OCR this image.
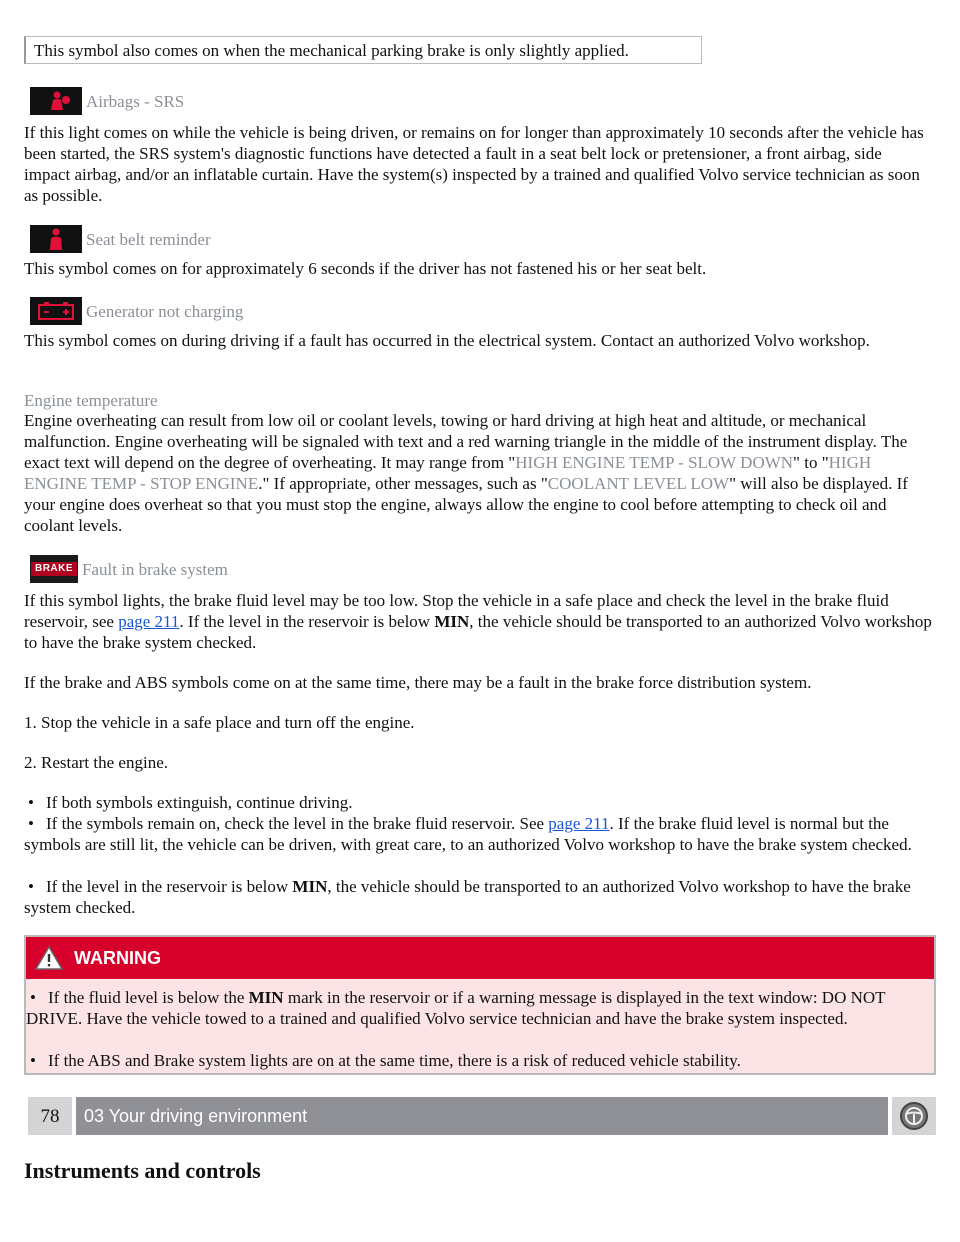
This symbol also comes on when the mechanical parking brake is only slightly applied.
Airbags - SRS
If this light comes on while the vehicle is being driven, or remains on for longer than approximately 10 seconds after the vehicle has been started, the SRS system's diagnostic functions have detected a fault in a seat belt lock or pretensioner, a front airbag, side impact airbag, and/or an inflatable curtain. Have the system(s) inspected by a trained and qualified Volvo service technician as soon as possible.
Seat belt reminder
This symbol comes on for approximately 6 seconds if the driver has not fastened his or her seat belt.
Generator not charging
This symbol comes on during driving if a fault has occurred in the electrical system. Contact an authorized Volvo workshop.
Engine temperature
Engine overheating can result from low oil or coolant levels, towing or hard driving at high heat and altitude, or mechanical malfunction. Engine overheating will be signaled with text and a red warning triangle in the middle of the instrument display. The exact text will depend on the degree of overheating. It may range from "HIGH ENGINE TEMP - SLOW DOWN" to "HIGH ENGINE TEMP - STOP ENGINE." If appropriate, other messages, such as "COOLANT LEVEL LOW" will also be displayed. If your engine does overheat so that you must stop the engine, always allow the engine to cool before attempting to check oil and coolant levels.
BRAKE Fault in brake system
If this symbol lights, the brake fluid level may be too low. Stop the vehicle in a safe place and check the level in the brake fluid reservoir, see page 211. If the level in the reservoir is below MIN, the vehicle should be transported to an authorized Volvo workshop to have the brake system checked.
If the brake and ABS symbols come on at the same time, there may be a fault in the brake force distribution system.
1. Stop the vehicle in a safe place and turn off the engine.
2. Restart the engine.
• If both symbols extinguish, continue driving.
• If the symbols remain on, check the level in the brake fluid reservoir. See page 211. If the brake fluid level is normal but the symbols are still lit, the vehicle can be driven, with great care, to an authorized Volvo workshop to have the brake system checked.
• If the level in the reservoir is below MIN, the vehicle should be transported to an authorized Volvo workshop to have the brake system checked.
WARNING
• If the fluid level is below the MIN mark in the reservoir or if a warning message is displayed in the text window: DO NOT DRIVE. Have the vehicle towed to a trained and qualified Volvo service technician and have the brake system inspected.
• If the ABS and Brake system lights are on at the same time, there is a risk of reduced vehicle stability.
78	03 Your driving environment
Instruments and controls
